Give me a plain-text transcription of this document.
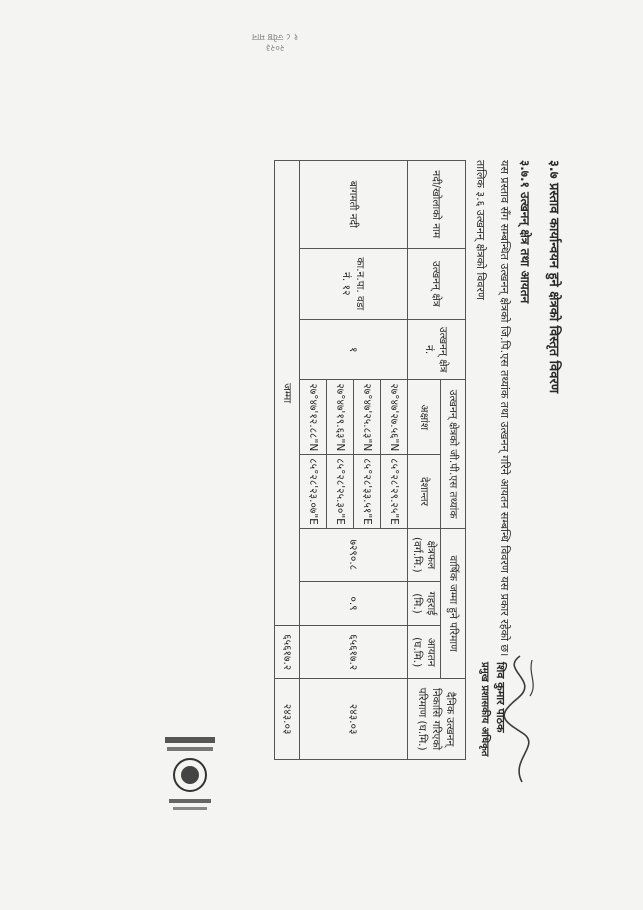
२०२३
१ ८ ज्येष्ठ मान
३.७ प्रस्ताव कार्यान्वयन हुने क्षेत्रको विस्तृत विवरण
३.७.१ उत्खनन् क्षेत्र तथा आयतन
यस प्रस्ताव सँग सम्बन्धित उत्खनन् क्षेत्रको जि.पि.एस तथ्यांक तथा उत्खनन् गरिने आयतन सम्बन्धि विवरण यस प्रकार रहेको छ।
तालिक ३.६ उत्खनन् क्षेत्रको विवरण
नदी/खोलाको नाम	उत्खनन् क्षेत्र	उत्खनन् क्षेत्र नं.	उत्खनन् क्षेत्रको जी.पी.एस तथ्यांक		वार्षिक जम्मा हुने परिमाण			दैनिक उत्खनन् निकासि गरिएको परिमाण (घ.मि.)
			अक्षांश	देशान्तर	क्षेत्रफल (वर्ग.मि.)	गहराई (मि.)	आयतन (घ.मि.)	
बागमती नदी	का.न.पा. वडा नं. १२	१	२७°४७'२७.५६"N	८५°२८'२९.२५"E	७२९०.८	०.९	६५६१७.२	२४३.०३
			२७°४७'२५.८३"N	८५°२८'३३.५१"E				
			२७°४७'१९.६३"N	८५°२८'२५.३०"E				
			२७°४७'१२.८८"N	८५°२८'२३.०७"E				
जम्मा							६५६१७.२	२४३.०३	शिव कुमार पाठक
प्रमुख प्रशासकीय अधिकृत
